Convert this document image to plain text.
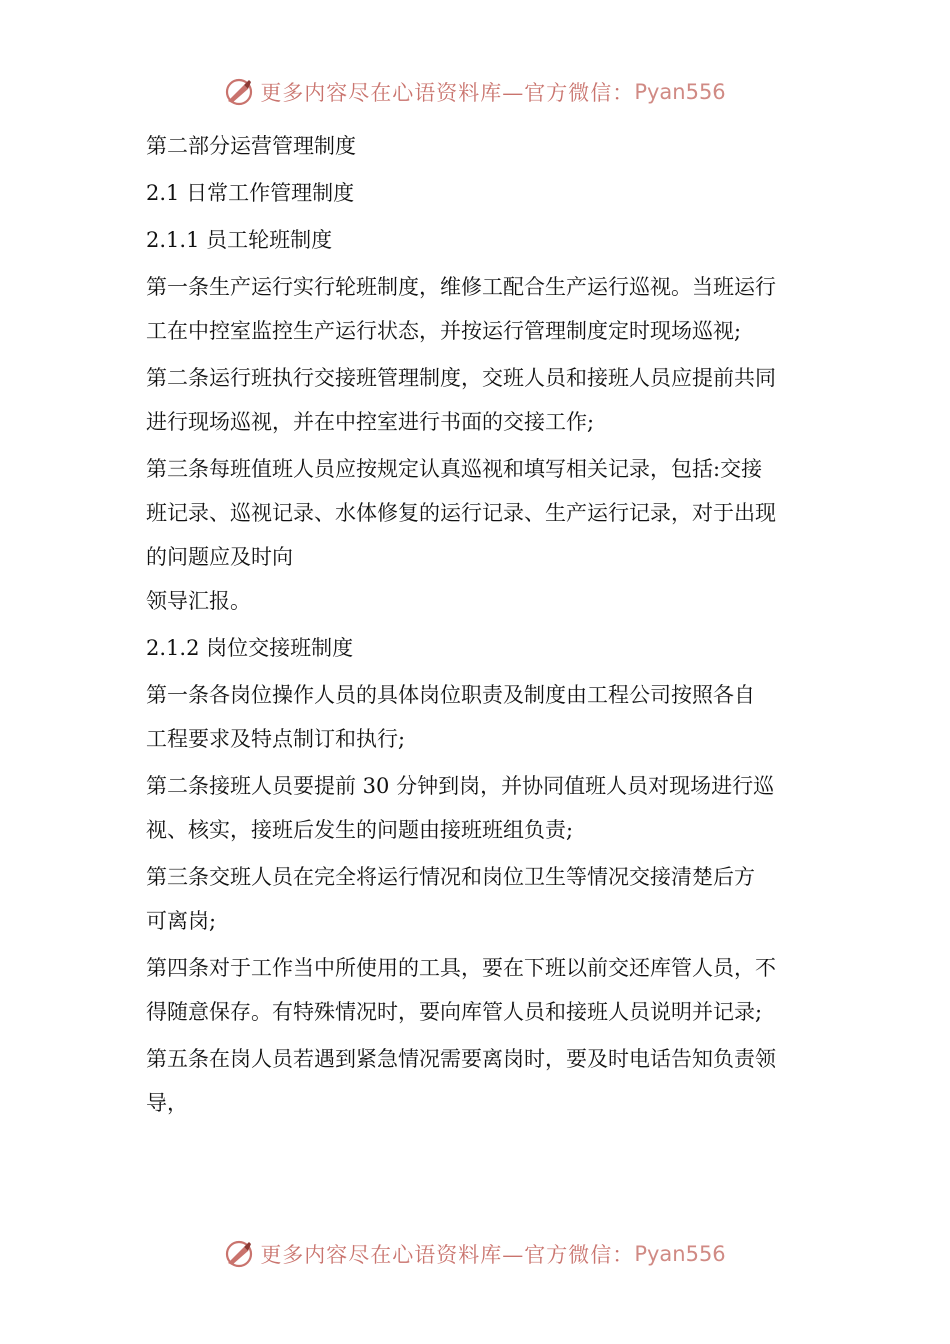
更多内容尽在心语资料库—官方微信： Pyan556
第二部分运营管理制度
2.1 日常工作管理制度
2.1.1 员工轮班制度
第一条生产运行实行轮班制度，维修工配合生产运行巡视。当班运行
工在中控室监控生产运行状态，并按运行管理制度定时现场巡视;
第二条运行班执行交接班管理制度，交班人员和接班人员应提前共同
进行现场巡视，并在中控室进行书面的交接工作;
第三条每班值班人员应按规定认真巡视和填写相关记录，包括:交接
班记录、巡视记录、水体修复的运行记录、生产运行记录，对于出现
的问题应及时向
领导汇报。
2.1.2 岗位交接班制度
第一条各岗位操作人员的具体岗位职责及制度由工程公司按照各自
工程要求及特点制订和执行;
第二条接班人员要提前 30 分钟到岗，并协同值班人员对现场进行巡
视、核实，接班后发生的问题由接班班组负责;
第三条交班人员在完全将运行情况和岗位卫生等情况交接清楚后方
可离岗;
第四条对于工作当中所使用的工具，要在下班以前交还库管人员，不
得随意保存。有特殊情况时，要向库管人员和接班人员说明并记录;
第五条在岗人员若遇到紧急情况需要离岗时，要及时电话告知负责领
导，
更多内容尽在心语资料库—官方微信： Pyan556
